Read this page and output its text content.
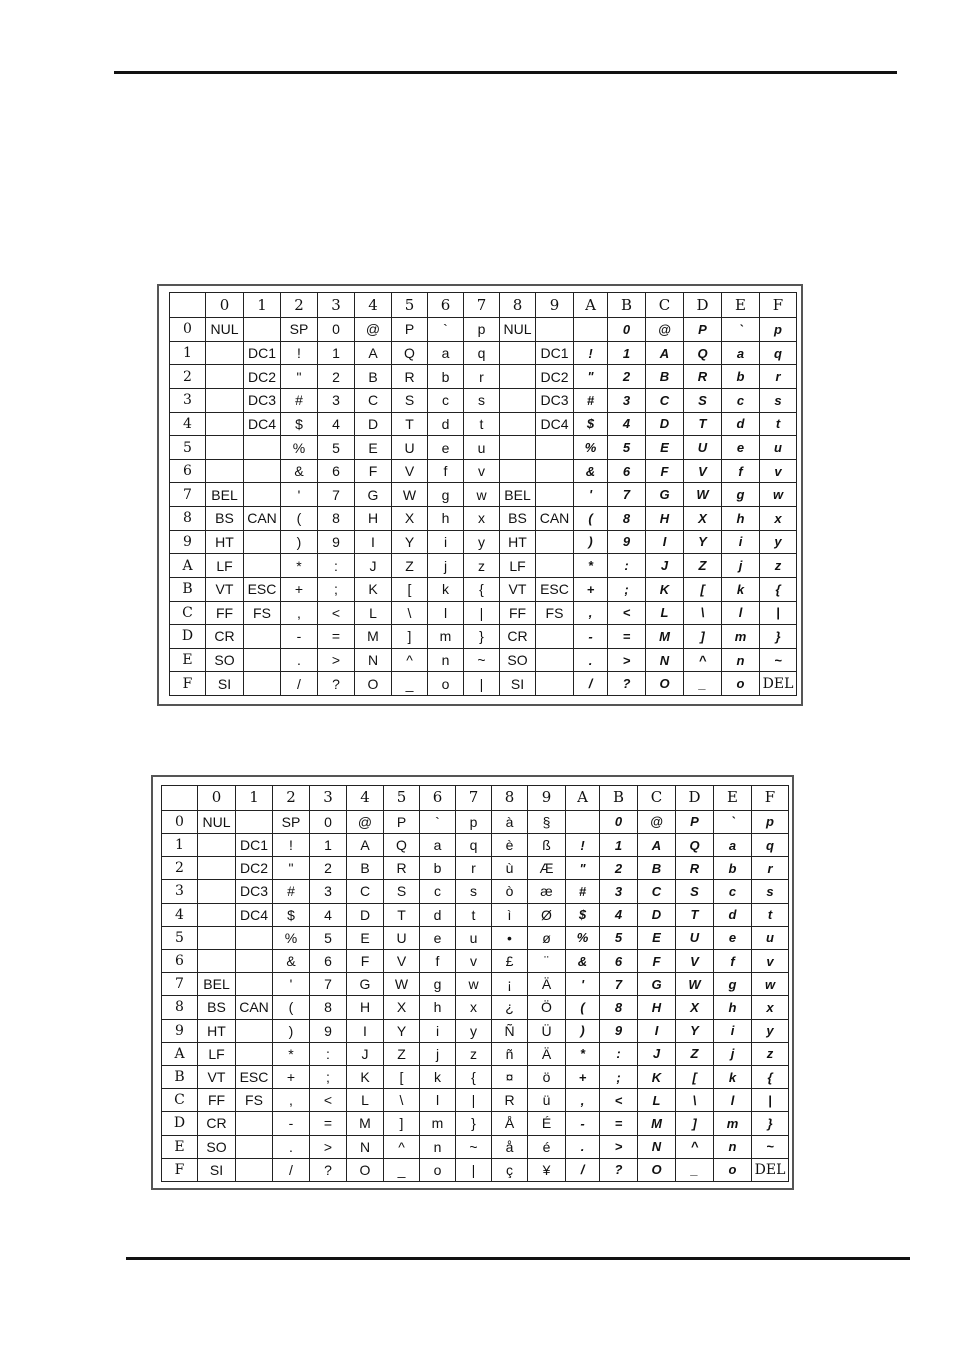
	0	1	2	3	4	5	6	7	8	9	A	B	C	D	E	F
0	NUL		SP	0	@	P	`	p	NUL			0	@	P	`	p
1		DC1	!	1	A	Q	a	q		DC1	!	1	A	Q	a	q
2		DC2	"	2	B	R	b	r		DC2	"	2	B	R	b	r
3		DC3	#	3	C	S	c	s		DC3	#	3	C	S	c	s
4		DC4	$	4	D	T	d	t		DC4	$	4	D	T	d	t
5			%	5	E	U	e	u			%	5	E	U	e	u
6			&	6	F	V	f	v			&	6	F	V	f	v
7	BEL		'	7	G	W	g	w	BEL		'	7	G	W	g	w
8	BS	CAN	(	8	H	X	h	x	BS	CAN	(	8	H	X	h	x
9	HT		)	9	I	Y	i	y	HT		)	9	I	Y	i	y
A	LF		*	:	J	Z	j	z	LF		*	:	J	Z	j	z
B	VT	ESC	+	;	K	[	k	{	VT	ESC	+	;	K	[	k	{
C	FF	FS	,	<	L	\	l	|	FF	FS	,	<	L	\	l	|
D	CR		-	=	M	]	m	}	CR		-	=	M	]	m	}
E	SO		.	>	N	^	n	~	SO		.	>	N	^	n	~
F	SI		/	?	O	_	o	|	SI		/	?	O	_	o	DEL
	0	1	2	3	4	5	6	7	8	9	A	B	C	D	E	F
0	NUL		SP	0	@	P	`	p	à	§		0	@	P	`	p
1		DC1	!	1	A	Q	a	q	è	ß	!	1	A	Q	a	q
2		DC2	"	2	B	R	b	r	ù	Æ	"	2	B	R	b	r
3		DC3	#	3	C	S	c	s	ò	æ	#	3	C	S	c	s
4		DC4	$	4	D	T	d	t	ì	Ø	$	4	D	T	d	t
5			%	5	E	U	e	u	•	ø	%	5	E	U	e	u
6			&	6	F	V	f	v	£	¨	&	6	F	V	f	v
7	BEL		'	7	G	W	g	w	¡	Ä	'	7	G	W	g	w
8	BS	CAN	(	8	H	X	h	x	¿	Ö	(	8	H	X	h	x
9	HT		)	9	I	Y	i	y	Ñ	Ü	)	9	I	Y	i	y
A	LF		*	:	J	Z	j	z	ñ	Ä	*	:	J	Z	j	z
B	VT	ESC	+	;	K	[	k	{	¤	ö	+	;	K	[	k	{
C	FF	FS	,	<	L	\	l	|	R	ü	,	<	L	\	l	|
D	CR		-	=	M	]	m	}	Å	É	-	=	M	]	m	}
E	SO		.	>	N	^	n	~	å	é	.	>	N	^	n	~
F	SI		/	?	O	_	o	|	ç	¥	/	?	O	_	o	DEL
